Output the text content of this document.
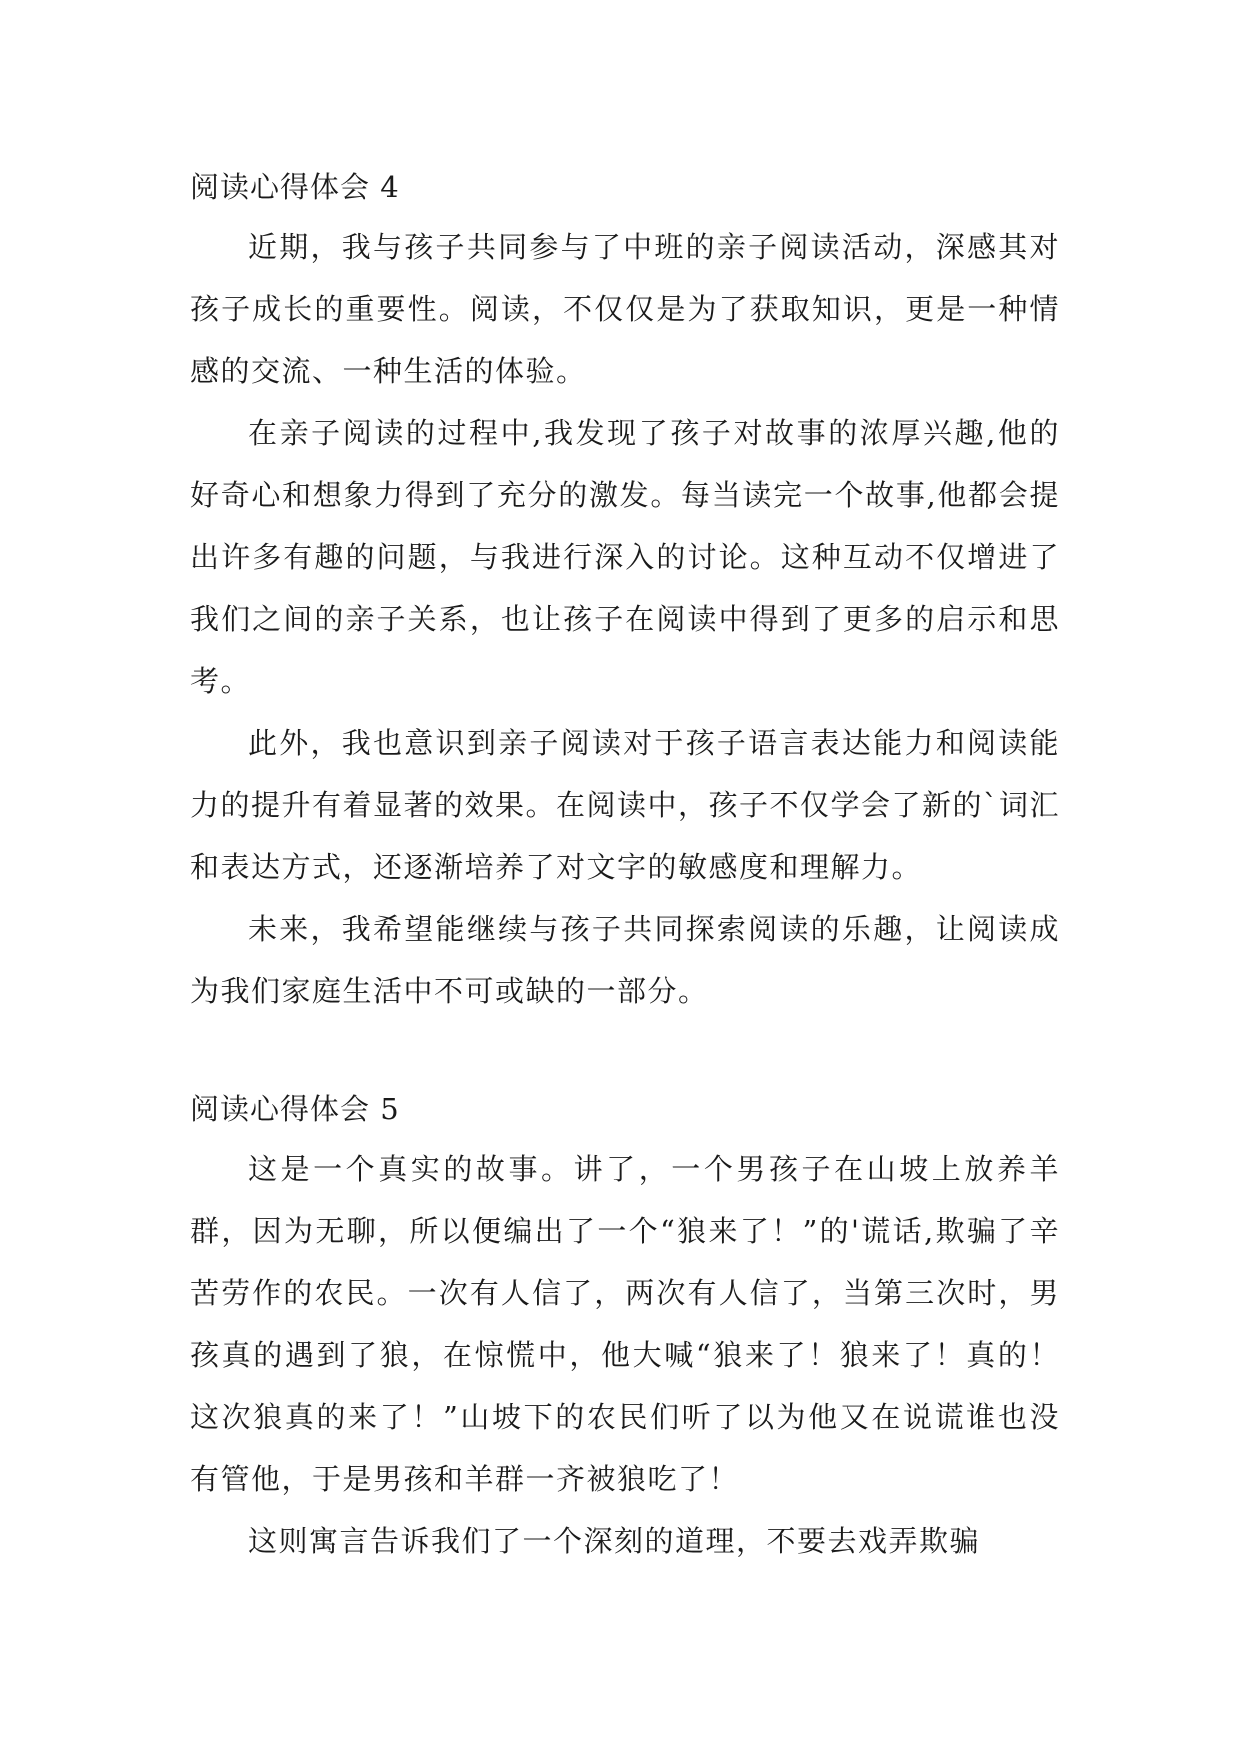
阅读心得体会 4

近期，我与孩子共同参与了中班的亲子阅读活动，深感其对孩子成长的重要性。阅读，不仅仅是为了获取知识，更是一种情感的交流、一种生活的体验。

在亲子阅读的过程中,我发现了孩子对故事的浓厚兴趣,他的好奇心和想象力得到了充分的激发。每当读完一个故事,他都会提出许多有趣的问题，与我进行深入的讨论。这种互动不仅增进了我们之间的亲子关系，也让孩子在阅读中得到了更多的启示和思考。

此外，我也意识到亲子阅读对于孩子语言表达能力和阅读能力的提升有着显著的效果。在阅读中，孩子不仅学会了新的`词汇和表达方式，还逐渐培养了对文字的敏感度和理解力。

未来，我希望能继续与孩子共同探索阅读的乐趣，让阅读成为我们家庭生活中不可或缺的一部分。

阅读心得体会 5

这是一个真实的故事。讲了，一个男孩子在山坡上放养羊群，因为无聊，所以便编出了一个“狼来了！”的'谎话,欺骗了辛苦劳作的农民。一次有人信了，两次有人信了，当第三次时，男孩真的遇到了狼，在惊慌中，他大喊“狼来了！狼来了！真的！这次狼真的来了！”山坡下的农民们听了以为他又在说谎谁也没有管他，于是男孩和羊群一齐被狼吃了！

这则寓言告诉我们了一个深刻的道理，不要去戏弄欺骗
